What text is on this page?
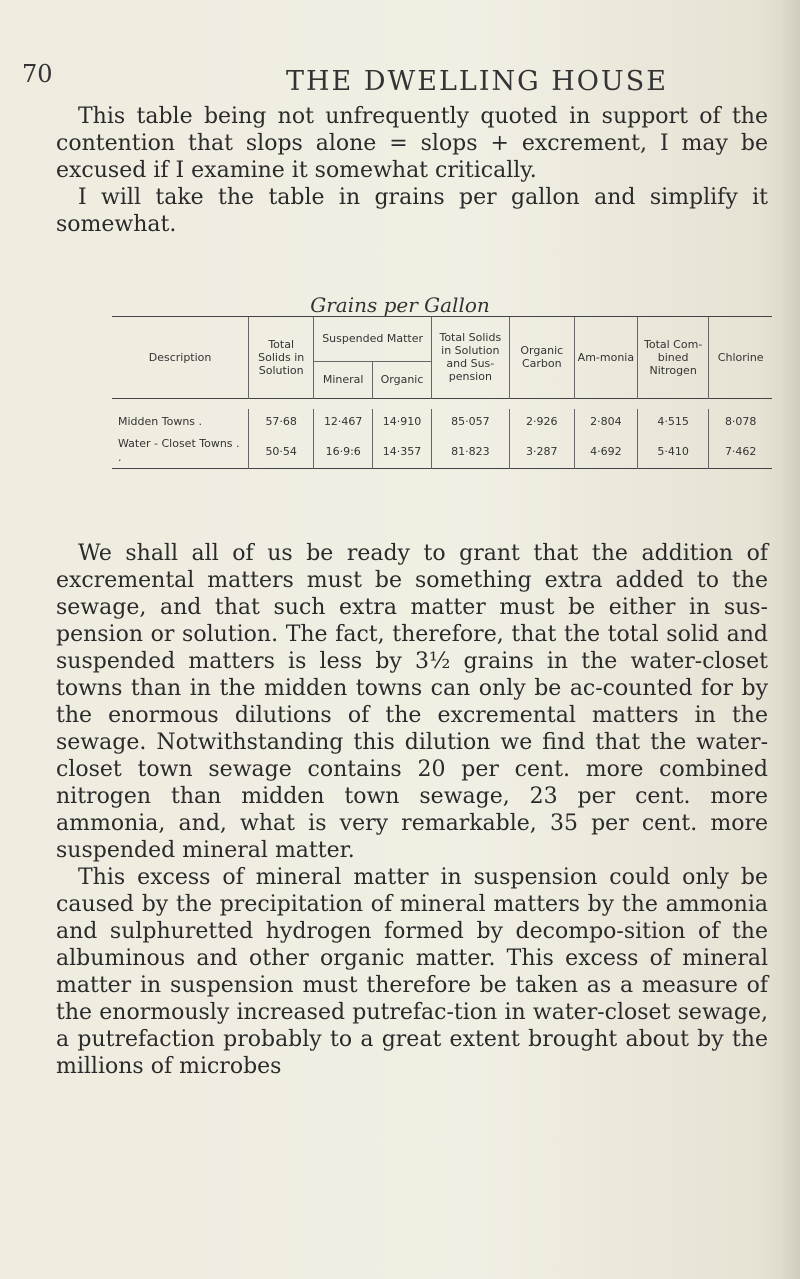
70	THE DWELLING HOUSE

This table being not unfrequently quoted in support of the contention that slops alone = slops + excrement, I may be excused if I examine it somewhat critically.

I will take the table in grains per gallon and simplify it somewhat.

Grains per Gallon

Description	Total Solids in Solution	Suspended Matter		Total Solids in Solution and Sus-pension	Organic Carbon	Am-monia	Total Com-bined Nitrogen	Chlorine
		Mineral	Organic					

Midden Towns .	57·68	12·467	14·910	85·057	2·926	2·804	4·515	8·078
Water - Closet Towns . .	50·54	16·9:6	14·357	81·823	3·287	4·692	5·410	7·462

We shall all of us be ready to grant that the addition of excremental matters must be something extra added to the sewage, and that such extra matter must be either in sus-pension or solution. The fact, therefore, that the total solid and suspended matters is less by 3½ grains in the water-closet towns than in the midden towns can only be ac-counted for by the enormous dilutions of the excremental matters in the sewage. Notwithstanding this dilution we find that the water-closet town sewage contains 20 per cent. more combined nitrogen than midden town sewage, 23 per cent. more ammonia, and, what is very remarkable, 35 per cent. more suspended mineral matter.

This excess of mineral matter in suspension could only be caused by the precipitation of mineral matters by the ammonia and sulphuretted hydrogen formed by decompo-sition of the albuminous and other organic matter. This excess of mineral matter in suspension must therefore be taken as a measure of the enormously increased putrefac-tion in water-closet sewage, a putrefaction probably to a great extent brought about by the millions of microbes
